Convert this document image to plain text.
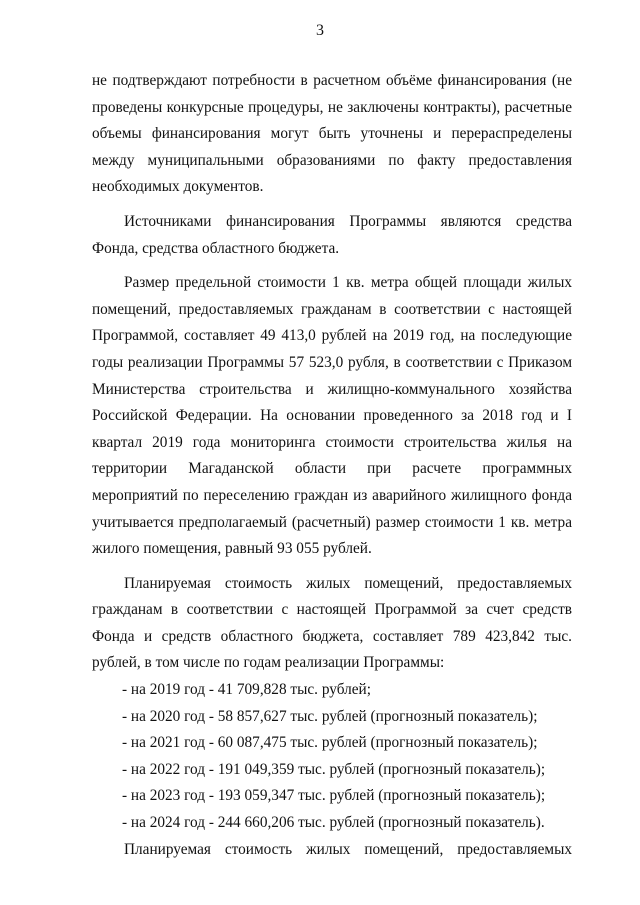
3

не подтверждают потребности в расчетном объёме финансирования (не проведены конкурсные процедуры, не заключены контракты), расчетные объемы финансирования могут быть уточнены и перераспределены между муниципальными образованиями по факту предоставления необходимых документов.

Источниками финансирования Программы являются средства Фонда, средства областного бюджета.

Размер предельной стоимости 1 кв. метра общей площади жилых помещений, предоставляемых гражданам в соответствии с настоящей Программой, составляет 49 413,0 рублей на 2019 год, на последующие годы реализации Программы 57 523,0 рубля, в соответствии с Приказом Министерства строительства и жилищно-коммунального хозяйства Российской Федерации. На основании проведенного за 2018 год и I квартал 2019 года мониторинга стоимости строительства жилья на территории Магаданской области при расчете программных мероприятий по переселению граждан из аварийного жилищного фонда учитывается предполагаемый (расчетный) размер стоимости 1 кв. метра жилого помещения, равный 93 055 рублей.

Планируемая стоимость жилых помещений, предоставляемых гражданам в соответствии с настоящей Программой за счет средств Фонда и средств областного бюджета, составляет 789 423,842 тыс. рублей, в том числе по годам реализации Программы:

- на 2019 год - 41 709,828 тыс. рублей;

- на 2020 год - 58 857,627 тыс. рублей (прогнозный показатель);

- на 2021 год - 60 087,475 тыс. рублей (прогнозный показатель);

- на 2022 год - 191 049,359 тыс. рублей (прогнозный показатель);

- на 2023 год - 193 059,347 тыс. рублей (прогнозный показатель);

- на 2024 год - 244 660,206 тыс. рублей (прогнозный показатель).

Планируемая стоимость жилых помещений, предоставляемых
